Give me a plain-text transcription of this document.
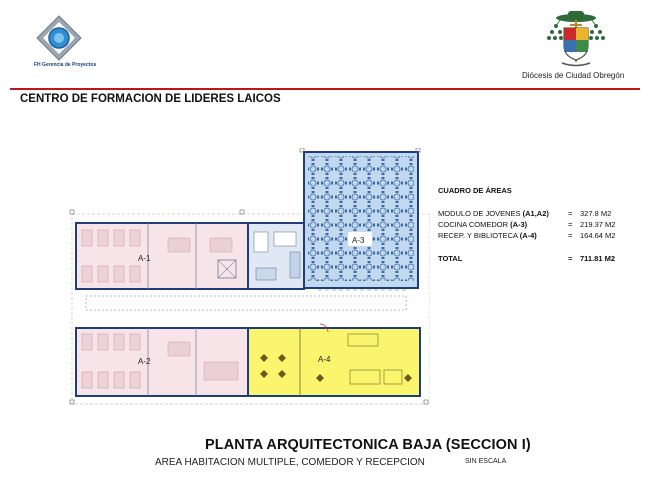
FH Gerencia de Proyectos
Diócesis de Ciudad Obregón
CENTRO DE FORMACION DE LIDERES LAICOS
A-1
A-2
A-3
A-4
CUADRO DE ÁREAS
MODULO DE JOVENES (A1,A2)	= 327.8 M2
COCINA COMEDOR (A-3)	= 219.37 M2
RECEP. Y BIBLIOTECA (A-4)	= 164.64 M2
TOTAL	= 711.81 M2
PLANTA ARQUITECTONICA BAJA (SECCION I)
AREA HABITACION MULTIPLE, COMEDOR Y RECEPCION	SIN ESCALA
